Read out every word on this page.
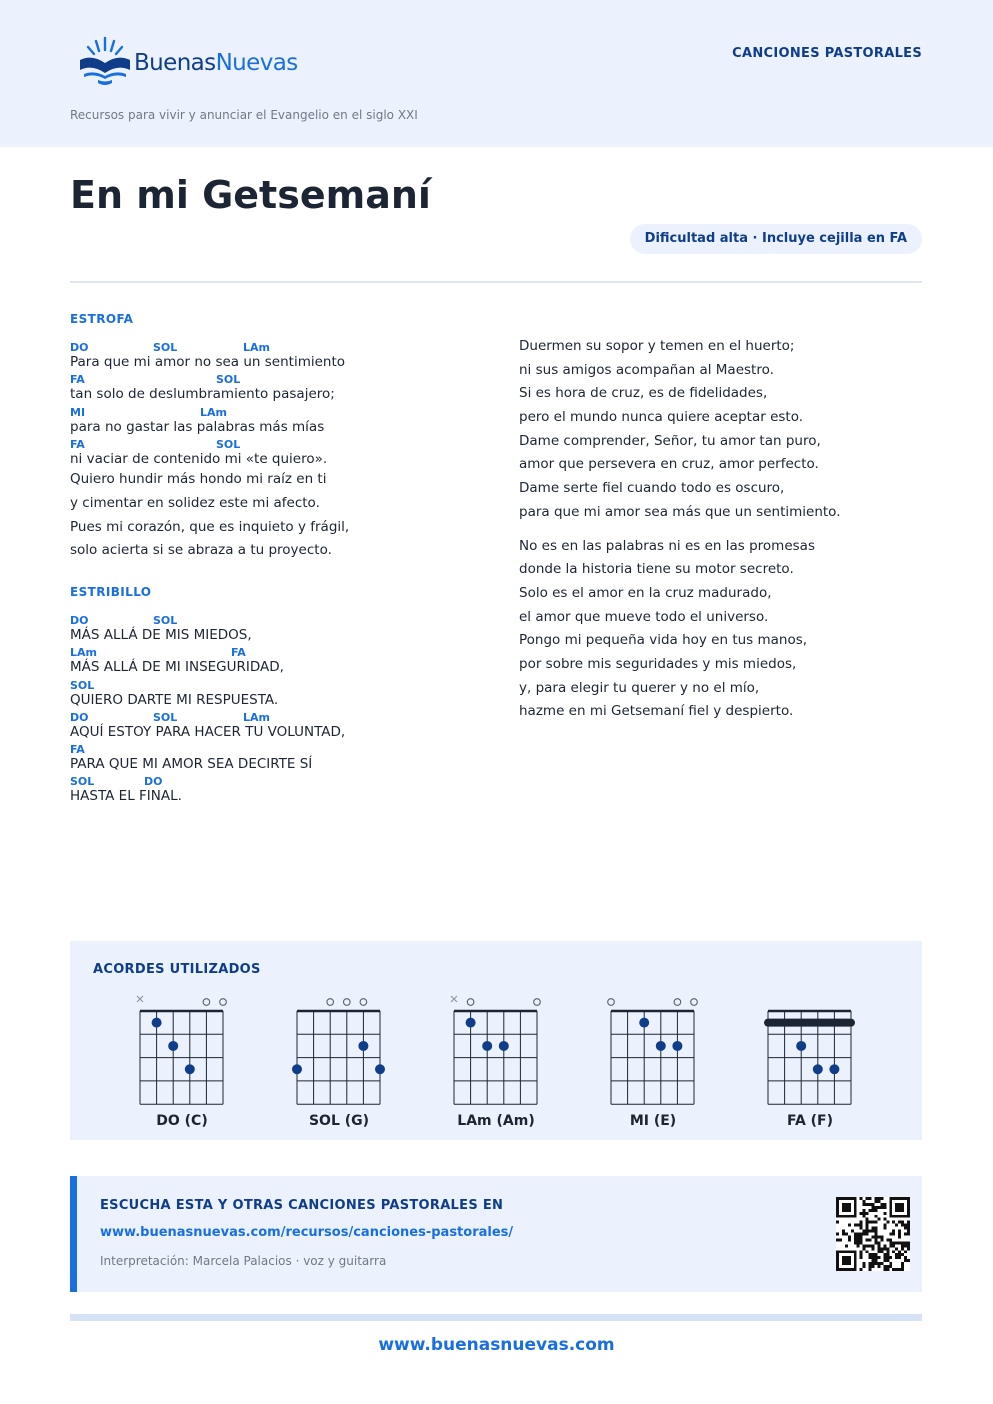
BuenasNuevas
Recursos para vivir y anunciar el Evangelio en el siglo XXI
CANCIONES PASTORALES
En mi Getsemaní
Dificultad alta · Incluye cejilla en FA
ESTROFA
DO	SOL	LAm
Para que mi amor no sea un sentimiento
FA	SOL
tan solo de deslumbramiento pasajero;
MI	LAm
para no gastar las palabras más mías
FA	SOL
ni vaciar de contenido mi «te quiero».
Quiero hundir más hondo mi raíz en ti
y cimentar en solidez este mi afecto.
Pues mi corazón, que es inquieto y frágil,
solo acierta si se abraza a tu proyecto.
ESTRIBILLO
DO	SOL
MÁS ALLÁ DE MIS MIEDOS,
LAm	FA
MÁS ALLÁ DE MI INSEGURIDAD,
SOL
QUIERO DARTE MI RESPUESTA.
DO	SOL	LAm
AQUÍ ESTOY PARA HACER TU VOLUNTAD,
FA
PARA QUE MI AMOR SEA DECIRTE SÍ
SOL	DO
HASTA EL FINAL.
Duermen su sopor y temen en el huerto;
ni sus amigos acompañan al Maestro.
Si es hora de cruz, es de fidelidades,
pero el mundo nunca quiere aceptar esto.
Dame comprender, Señor, tu amor tan puro,
amor que persevera en cruz, amor perfecto.
Dame serte fiel cuando todo es oscuro,
para que mi amor sea más que un sentimiento.
No es en las palabras ni es en las promesas
donde la historia tiene su motor secreto.
Solo es el amor en la cruz madurado,
el amor que mueve todo el universo.
Pongo mi pequeña vida hoy en tus manos,
por sobre mis seguridades y mis miedos,
y, para elegir tu querer y no el mío,
hazme en mi Getsemaní fiel y despierto.
ACORDES UTILIZADOS
DO (C)	SOL (G)	LAm (Am)	MI (E)	FA (F)
ESCUCHA ESTA Y OTRAS CANCIONES PASTORALES EN
www.buenasnuevas.com/recursos/canciones-pastorales/
Interpretación: Marcela Palacios · voz y guitarra
www.buenasnuevas.com
